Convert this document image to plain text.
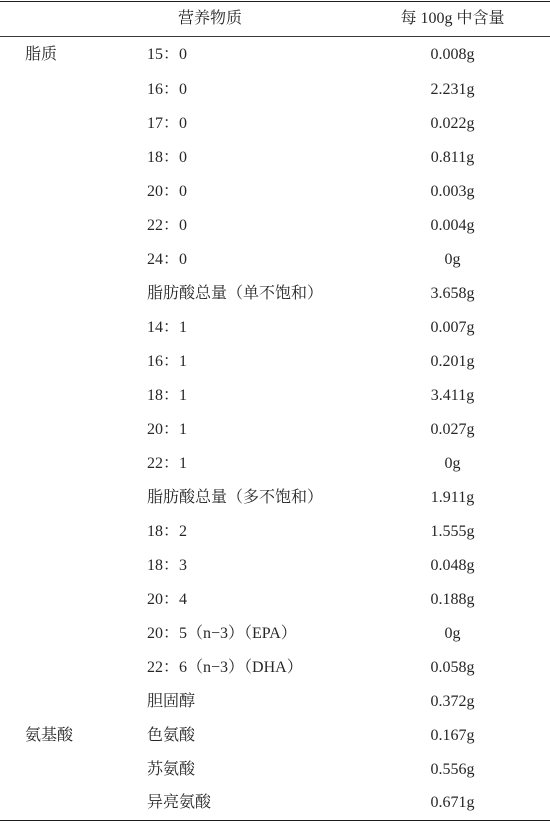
	营养物质	每 100g 中含量
脂质	15：0	0.008g
	16：0	2.231g
	17：0	0.022g
	18：0	0.811g
	20：0	0.003g
	22：0	0.004g
	24：0	0g
	脂肪酸总量（单不饱和）	3.658g
	14：1	0.007g
	16：1	0.201g
	18：1	3.411g
	20：1	0.027g
	22：1	0g
	脂肪酸总量（多不饱和）	1.911g
	18：2	1.555g
	18：3	0.048g
	20：4	0.188g
	20：5（n−3）（EPA）	0g
	22：6（n−3）（DHA）	0.058g
	胆固醇	0.372g
氨基酸	色氨酸	0.167g
	苏氨酸	0.556g
	异亮氨酸	0.671g
